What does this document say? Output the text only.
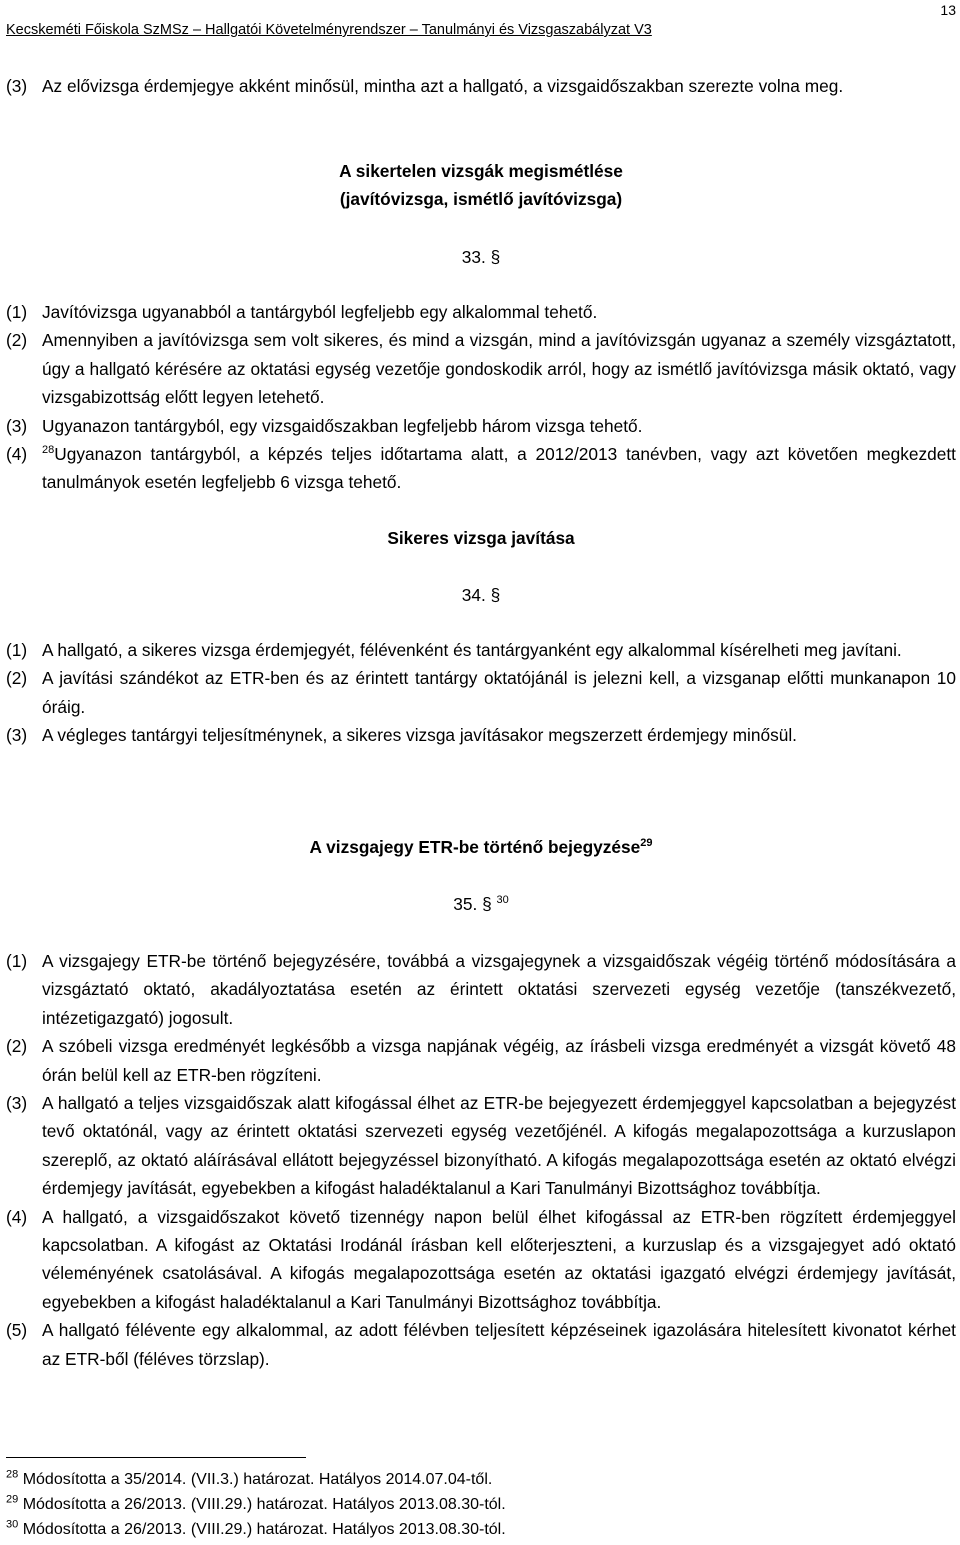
13
Kecskeméti Főiskola SzMSz – Hallgatói Követelményrendszer – Tanulmányi és Vizsgaszabályzat V3
(3) Az elővizsga érdemjegye akként minősül, mintha azt a hallgató, a vizsgaidőszakban szerezte volna meg.
A sikertelen vizsgák megismétlése
(javítóvizsga, ismétlő javítóvizsga)
33. §
(1) Javítóvizsga ugyanabból a tantárgyból legfeljebb egy alkalommal tehető.
(2) Amennyiben a javítóvizsga sem volt sikeres, és mind a vizsgán, mind a javítóvizsgán ugyanaz a személy vizsgáztatott, úgy a hallgató kérésére az oktatási egység vezetője gondoskodik arról, hogy az ismétlő javítóvizsga másik oktató, vagy vizsgabizottság előtt legyen letehető.
(3) Ugyanazon tantárgyból, egy vizsgaidőszakban legfeljebb három vizsga tehető.
(4)	$^{28}$Ugyanazon tantárgyból, a képzés teljes időtartama alatt, a 2012/2013 tanévben, vagy azt követően megkezdett tanulmányok esetén legfeljebb 6 vizsga tehető.
Sikeres vizsga javítása
34. §
(1) A hallgató, a sikeres vizsga érdemjegyét, félévenként és tantárgyanként egy alkalommal kísérelheti meg javítani.
(2) A javítási szándékot az ETR-ben és az érintett tantárgy oktatójánál is jelezni kell, a vizsganap előtti munkanapon 10 óráig.
(3) A végleges tantárgyi teljesítménynek, a sikeres vizsga javításakor megszerzett érdemjegy minősül.
A vizsgajegy ETR-be történő bejegyzése$^{29}$
35. § $^{30}$
(1) A vizsgajegy ETR-be történő bejegyzésére, továbbá a vizsgajegynek a vizsgaidőszak végéig történő módosítására a vizsgáztató oktató, akadályoztatása esetén az érintett oktatási szervezeti egység vezetője (tanszékvezető, intézetigazgató) jogosult.
(2) A szóbeli vizsga eredményét legkésőbb a vizsga napjának végéig, az írásbeli vizsga eredményét a vizsgát követő 48 órán belül kell az ETR-ben rögzíteni.
(3) A hallgató a teljes vizsgaidőszak alatt kifogással élhet az ETR-be bejegyezett érdemjeggyel kapcsolatban a bejegyzést tevő oktatónál, vagy az érintett oktatási szervezeti egység vezetőjénél. A kifogás megalapozottsága a kurzuslapon szereplő, az oktató aláírásával ellátott bejegyzéssel bizonyítható. A kifogás megalapozottsága esetén az oktató elvégzi érdemjegy javítását, egyebekben a kifogást haladéktalanul a Kari Tanulmányi Bizottsághoz továbbítja.
(4) A hallgató, a vizsgaidőszakot követő tizennégy napon belül élhet kifogással az ETR-ben rögzített érdemjeggyel kapcsolatban. A kifogást az Oktatási Irodánál írásban kell előterjeszteni, a kurzuslap és a vizsgajegyet adó oktató véleményének csatolásával. A kifogás megalapozottsága esetén az oktatási igazgató elvégzi érdemjegy javítását, egyebekben a kifogást haladéktalanul a Kari Tanulmányi Bizottsághoz továbbítja.
(5) A hallgató félévente egy alkalommal, az adott félévben teljesített képzéseinek igazolására hitelesített kivonatot kérhet az ETR-ből (féléves törzslap).
$^{28}$ Módosította a 35/2014. (VII.3.) határozat. Hatályos 2014.07.04-től.
$^{29}$ Módosította a 26/2013. (VIII.29.) határozat. Hatályos 2013.08.30-tól.
$^{30}$ Módosította a 26/2013. (VIII.29.) határozat. Hatályos 2013.08.30-tól.
